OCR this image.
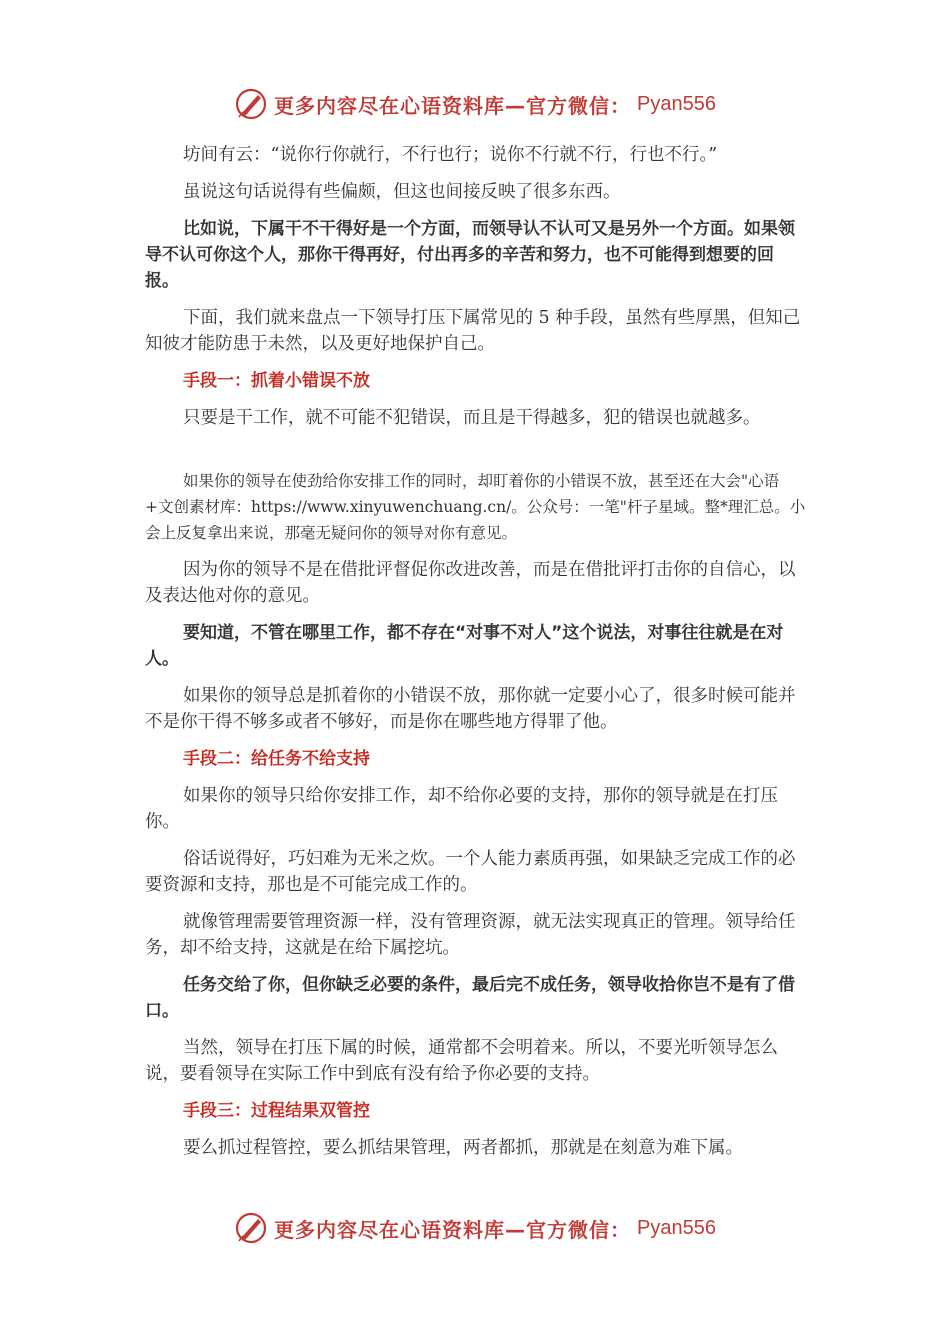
更多内容尽在心语资料库—官方微信： Pyan556

坊间有云：“说你行你就行，不行也行；说你不行就不行，行也不行。”

虽说这句话说得有些偏颇，但这也间接反映了很多东西。

比如说，下属干不干得好是一个方面，而领导认不认可又是另外一个方面。如果领导不认可你这个人，那你干得再好，付出再多的辛苦和努力，也不可能得到想要的回报。

下面，我们就来盘点一下领导打压下属常见的 5 种手段，虽然有些厚黑，但知己知彼才能防患于未然，以及更好地保护自己。

手段一：抓着小错误不放

只要是干工作，就不可能不犯错误，而且是干得越多，犯的错误也就越多。

如果你的领导在使劲给你安排工作的同时，却盯着你的小错误不放，甚至还在大会"心语+文创素材库：https://www.xinyuwenchuang.cn/。公众号：一笔"杆子星域。整*理汇总。小会上反复拿出来说，那毫无疑问你的领导对你有意见。

因为你的领导不是在借批评督促你改进改善，而是在借批评打击你的自信心，以及表达他对你的意见。

要知道，不管在哪里工作，都不存在“对事不对人”这个说法，对事往往就是在对人。

如果你的领导总是抓着你的小错误不放，那你就一定要小心了，很多时候可能并不是你干得不够多或者不够好，而是你在哪些地方得罪了他。

手段二：给任务不给支持

如果你的领导只给你安排工作，却不给你必要的支持，那你的领导就是在打压你。

俗话说得好，巧妇难为无米之炊。一个人能力素质再强，如果缺乏完成工作的必要资源和支持，那也是不可能完成工作的。

就像管理需要管理资源一样，没有管理资源，就无法实现真正的管理。领导给任务，却不给支持，这就是在给下属挖坑。

任务交给了你，但你缺乏必要的条件，最后完不成任务，领导收拾你岂不是有了借口。

当然，领导在打压下属的时候，通常都不会明着来。所以，不要光听领导怎么说，要看领导在实际工作中到底有没有给予你必要的支持。

手段三：过程结果双管控

要么抓过程管控，要么抓结果管理，两者都抓，那就是在刻意为难下属。

更多内容尽在心语资料库—官方微信： Pyan556
